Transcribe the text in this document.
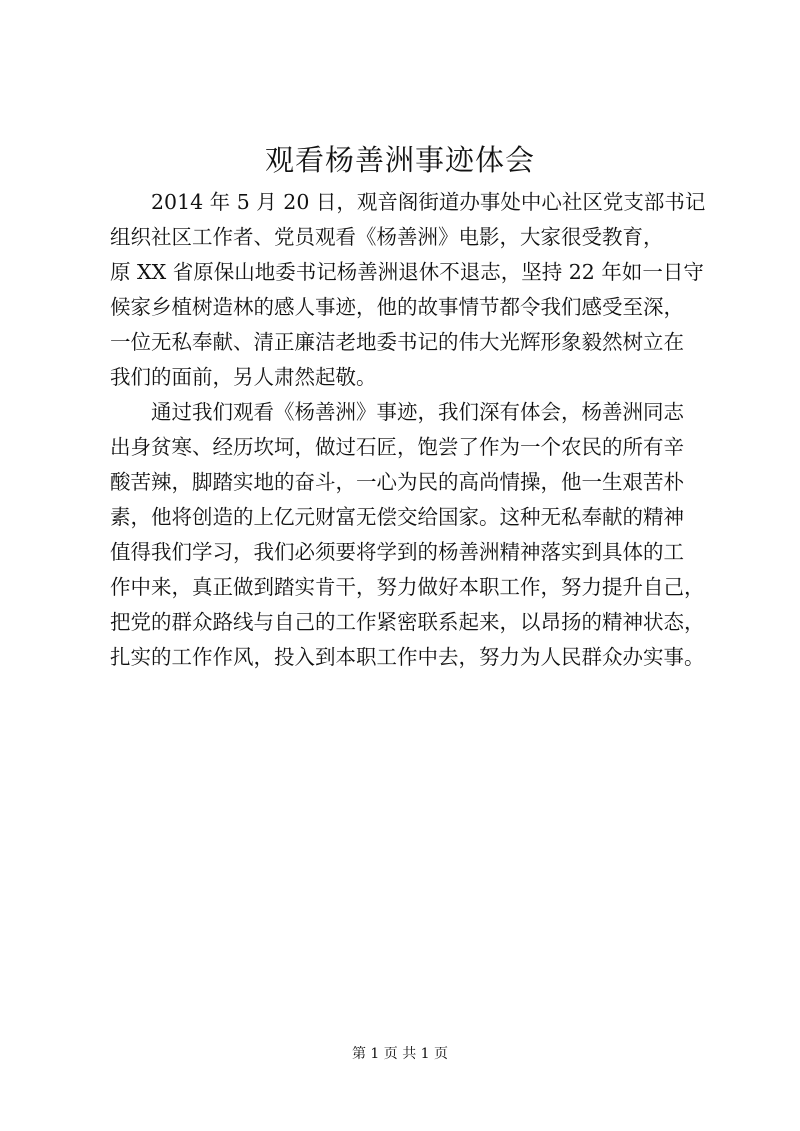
观看杨善洲事迹体会

2014 年 5 月 20 日，观音阁街道办事处中心社区党支部书记
组织社区工作者、党员观看《杨善洲》电影，大家很受教育，
原 XX 省原保山地委书记杨善洲退休不退志，坚持 22 年如一日守
候家乡植树造林的感人事迹，他的故事情节都令我们感受至深，
一位无私奉献、清正廉洁老地委书记的伟大光辉形象毅然树立在
我们的面前，另人肃然起敬。

通过我们观看《杨善洲》事迹，我们深有体会，杨善洲同志
出身贫寒、经历坎坷，做过石匠，饱尝了作为一个农民的所有辛
酸苦辣，脚踏实地的奋斗，一心为民的高尚情操，他一生艰苦朴
素，他将创造的上亿元财富无偿交给国家。这种无私奉献的精神
值得我们学习，我们必须要将学到的杨善洲精神落实到具体的工
作中来，真正做到踏实肯干，努力做好本职工作，努力提升自己，
把党的群众路线与自己的工作紧密联系起来，以昂扬的精神状态，
扎实的工作作风，投入到本职工作中去，努力为人民群众办实事。

第 1 页 共 1 页
